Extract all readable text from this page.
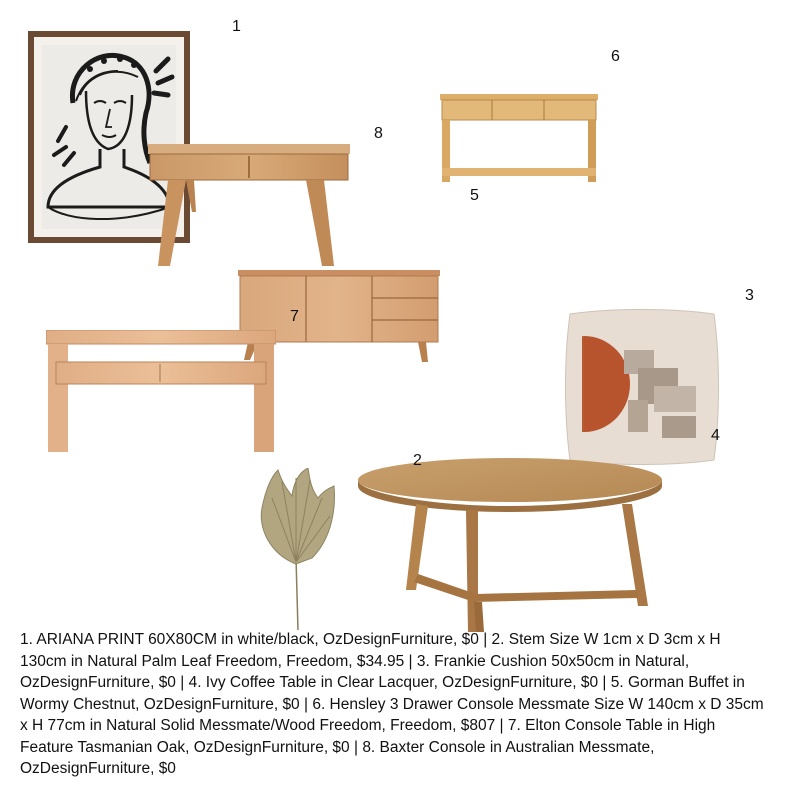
1
8
6
5
7
3
4
2
1. ARIANA PRINT 60X80CM in white/black, OzDesignFurniture, $0 | 2. Stem Size W 1cm x D 3cm x H 130cm in Natural Palm Leaf Freedom, Freedom, $34.95 | 3. Frankie Cushion 50x50cm in Natural, OzDesignFurniture, $0 | 4. Ivy Coffee Table in Clear Lacquer, OzDesignFurniture, $0 | 5. Gorman Buffet in Wormy Chestnut, OzDesignFurniture, $0 | 6. Hensley 3 Drawer Console Messmate Size W 140cm x D 35cm x H 77cm in Natural Solid Messmate/Wood Freedom, Freedom, $807 | 7. Elton Console Table in High Feature Tasmanian Oak, OzDesignFurniture, $0 | 8. Baxter Console in Australian Messmate, OzDesignFurniture, $0
